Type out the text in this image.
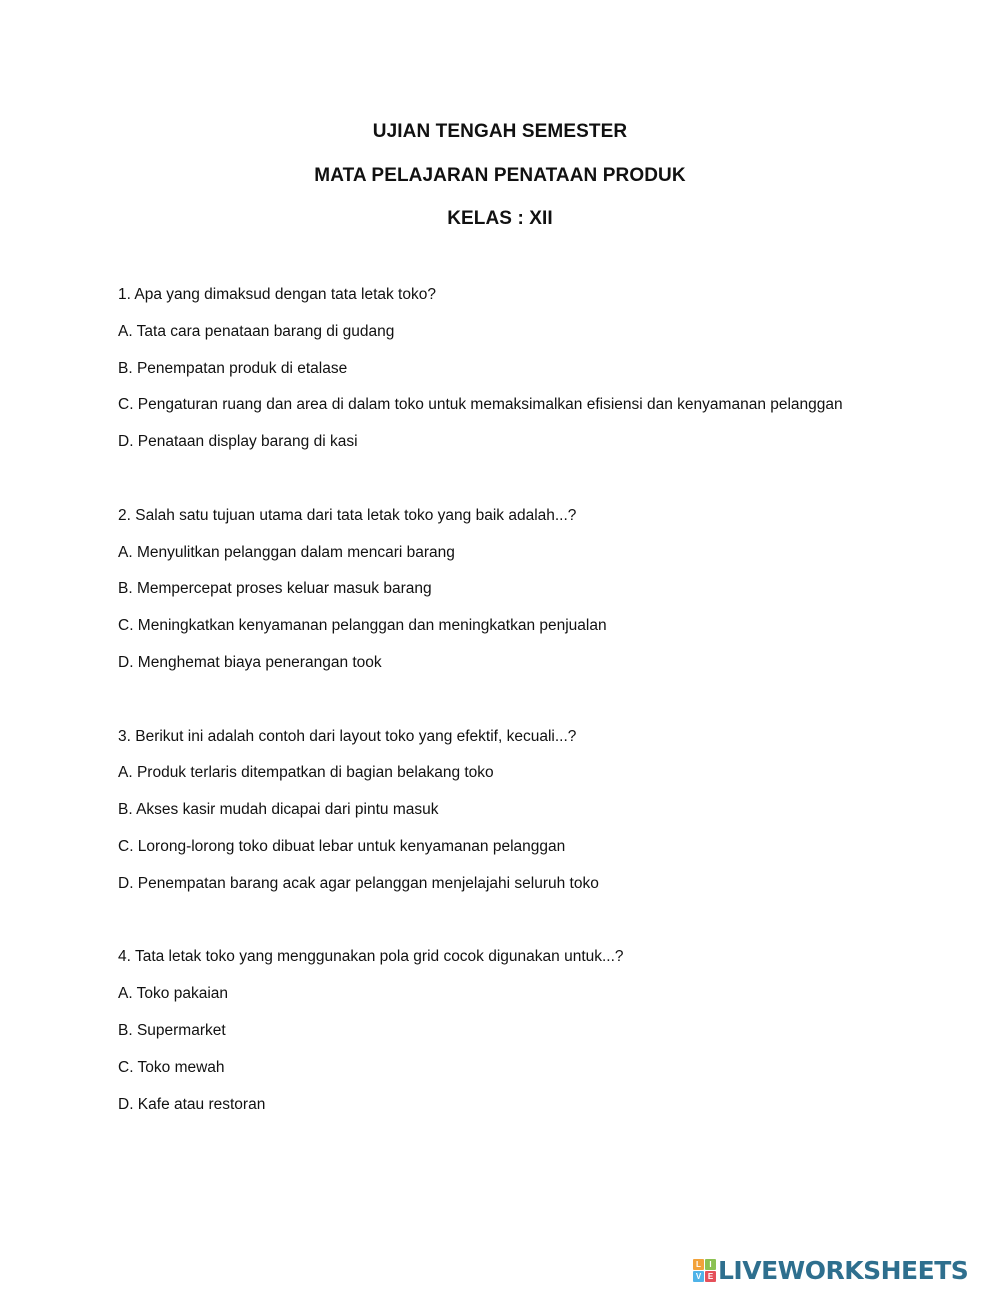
UJIAN TENGAH SEMESTER
MATA PELAJARAN PENATAAN PRODUK
KELAS : XII
1. Apa yang dimaksud dengan tata letak toko?
A. Tata cara penataan barang di gudang
B. Penempatan produk di etalase
C. Pengaturan ruang dan area di dalam toko untuk memaksimalkan efisiensi dan kenyamanan pelanggan
D. Penataan display barang di kasi
2. Salah satu tujuan utama dari tata letak toko yang baik adalah...?
A. Menyulitkan pelanggan dalam mencari barang
B. Mempercepat proses keluar masuk barang
C. Meningkatkan kenyamanan pelanggan dan meningkatkan penjualan
D. Menghemat biaya penerangan took
3. Berikut ini adalah contoh dari layout toko yang efektif, kecuali...?
A. Produk terlaris ditempatkan di bagian belakang toko
B. Akses kasir mudah dicapai dari pintu masuk
C. Lorong-lorong toko dibuat lebar untuk kenyamanan pelanggan
D. Penempatan barang acak agar pelanggan menjelajahi seluruh toko
4. Tata letak toko yang menggunakan pola grid cocok digunakan untuk...?
A. Toko pakaian
B. Supermarket
C. Toko mewah
D. Kafe atau restoran
L	I
V E LIVEWORKSHEETS
